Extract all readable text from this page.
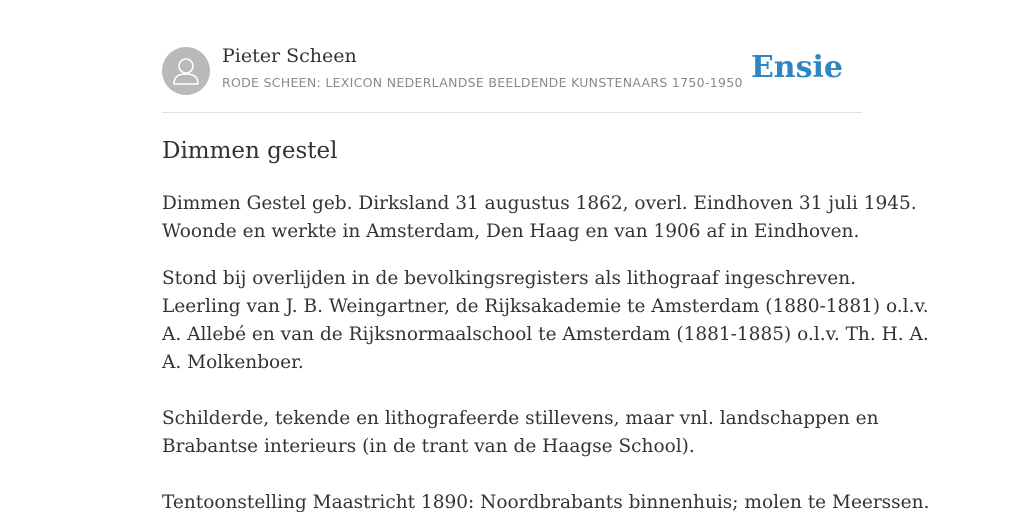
Pieter Scheen
RODE SCHEEN: LEXICON NEDERLANDSE BEELDENDE KUNSTENAARS 1750-1950 Ensie
Dimmen gestel

Dimmen Gestel geb. Dirksland 31 augustus 1862, overl. Eindhoven 31 juli 1945.
Woonde en werkte in Amsterdam, Den Haag en van 1906 af in Eindhoven.

Stond bij overlijden in de bevolkingsregisters als lithograaf ingeschreven.
Leerling van J. B. Weingartner, de Rijksakademie te Amsterdam (1880-1881) o.l.v.
A. Allebé en van de Rijksnormaalschool te Amsterdam (1881-1885) o.l.v. Th. H. A.
A. Molkenboer.

Schilderde, tekende en lithografeerde stillevens, maar vnl. landschappen en
Brabantse interieurs (in de trant van de Haagse School).

Tentoonstelling Maastricht 1890: Noordbrabants binnenhuis; molen te Meerssen.
